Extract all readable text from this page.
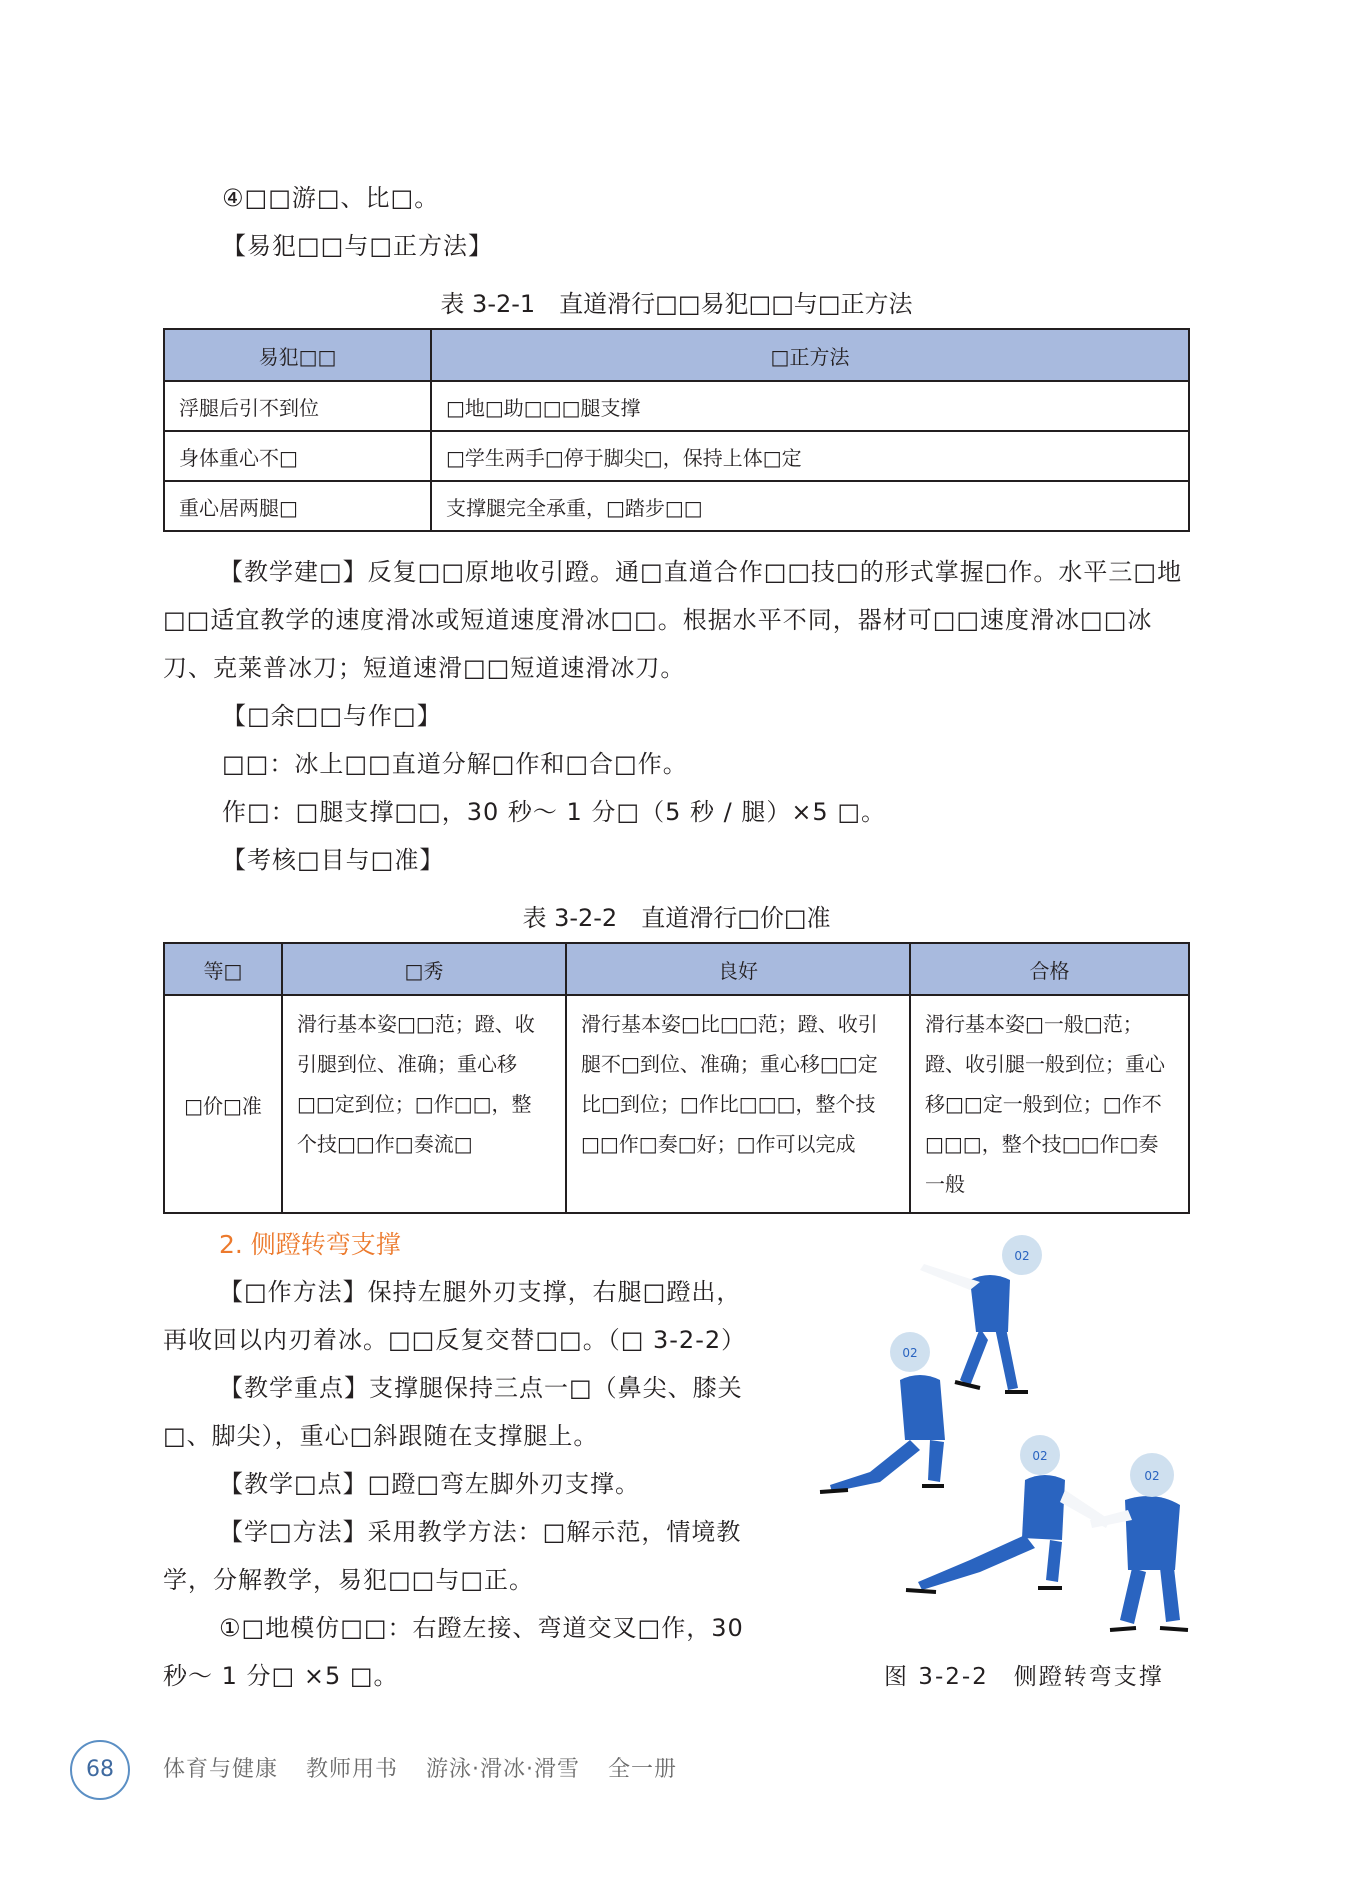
④□□游□、比□。
【易犯□□与□正方法】
表 3-2-1　直道滑行□□易犯□□与□正方法
易犯□□	□正方法
浮腿后引不到位	□地□助□□□腿支撑
身体重心不□	□学生两手□停于脚尖□，保持上体□定
重心居两腿□	支撑腿完全承重，□踏步□□

【教学建□】反复□□原地收引蹬。通□直道合作□□技□的形式掌握□作。水平三□地□□适宜教学的速度滑冰或短道速度滑冰□□。根据水平不同，器材可□□速度滑冰□□冰刀、克莱普冰刀；短道速滑□□短道速滑冰刀。

【□余□□与作□】
□□：冰上□□直道分解□作和□合□作。
作□：□腿支撑□□，30 秒～ 1 分□（5 秒 / 腿）×5 □。
【考核□目与□准】
表 3-2-2　直道滑行□价□准
等□	□秀	良好	合格
□价□准	滑行基本姿□□范；蹬、收引腿到位、准确；重心移□□定到位；□作□□，整个技□□作□奏流□	滑行基本姿□比□□范；蹬、收引腿不□到位、准确；重心移□□定比□到位；□作比□□□，整个技□□作□奏□好；□作可以完成	滑行基本姿□一般□范；蹬、收引腿一般到位；重心移□□定一般到位；□作不□□□，整个技□□作□奏一般
2. 侧蹬转弯支撑

【□作方法】保持左腿外刃支撑，右腿□蹬出，再收回以内刃着冰。□□反复交替□□。（□ 3-2-2）

【教学重点】支撑腿保持三点一□（鼻尖、膝关□、脚尖），重心□斜跟随在支撑腿上。

【教学□点】□蹬□弯左脚外刃支撑。

【学□方法】采用教学方法：□解示范，情境教学，分解教学，易犯□□与□正。

①□地模仿□□：右蹬左接、弯道交叉□作，30 秒～ 1 分□ ×5 □。

02
02
02
02
图 3-2-2　侧蹬转弯支撑
68	体育与健康 教师用书 游泳·滑冰·滑雪 全一册
